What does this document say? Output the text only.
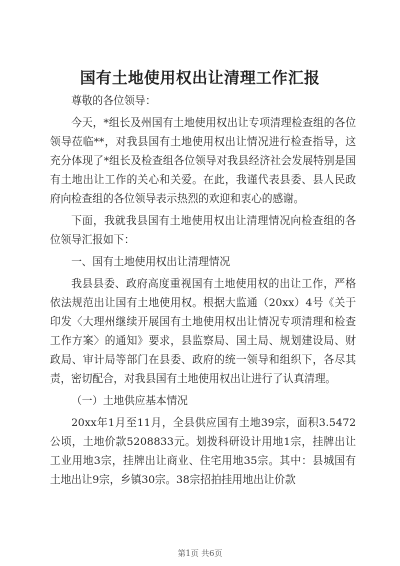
国有土地使用权出让清理工作汇报

尊敬的各位领导：

今天，*组长及州国有土地使用权出让专项清理检查组的各位领导莅临**，对我县国有土地使用权出让情况进行检查指导，这充分体现了*组长及检查组各位领导对我县经济社会发展特别是国有土地出让工作的关心和关爱。在此，我谨代表县委、县人民政府向检查组的各位领导表示热烈的欢迎和衷心的感谢。

下面，我就我县国有土地使用权出让清理情况向检查组的各位领导汇报如下：

一、国有土地使用权出让清理情况

我县县委、政府高度重视国有土地使用权的出让工作，严格依法规范出让国有土地使用权。根据大监通（20xx）4号《关于印发〈大理州继续开展国有土地使用权出让情况专项清理和检查工作方案〉的通知》要求，县监察局、国土局、规划建设局、财政局、审计局等部门在县委、政府的统一领导和组织下，各尽其责，密切配合，对我县国有土地使用权出让进行了认真清理。

（一）土地供应基本情况

20xx年1月至11月，全县供应国有土地39宗，面积3.5472公顷，土地价款5208833元。划拨科研设计用地1宗，挂牌出让工业用地3宗，挂牌出让商业、住宅用地35宗。其中：县城国有土地出让9宗，乡镇30宗。38宗招拍挂用地出让价款

第1页 共6页
